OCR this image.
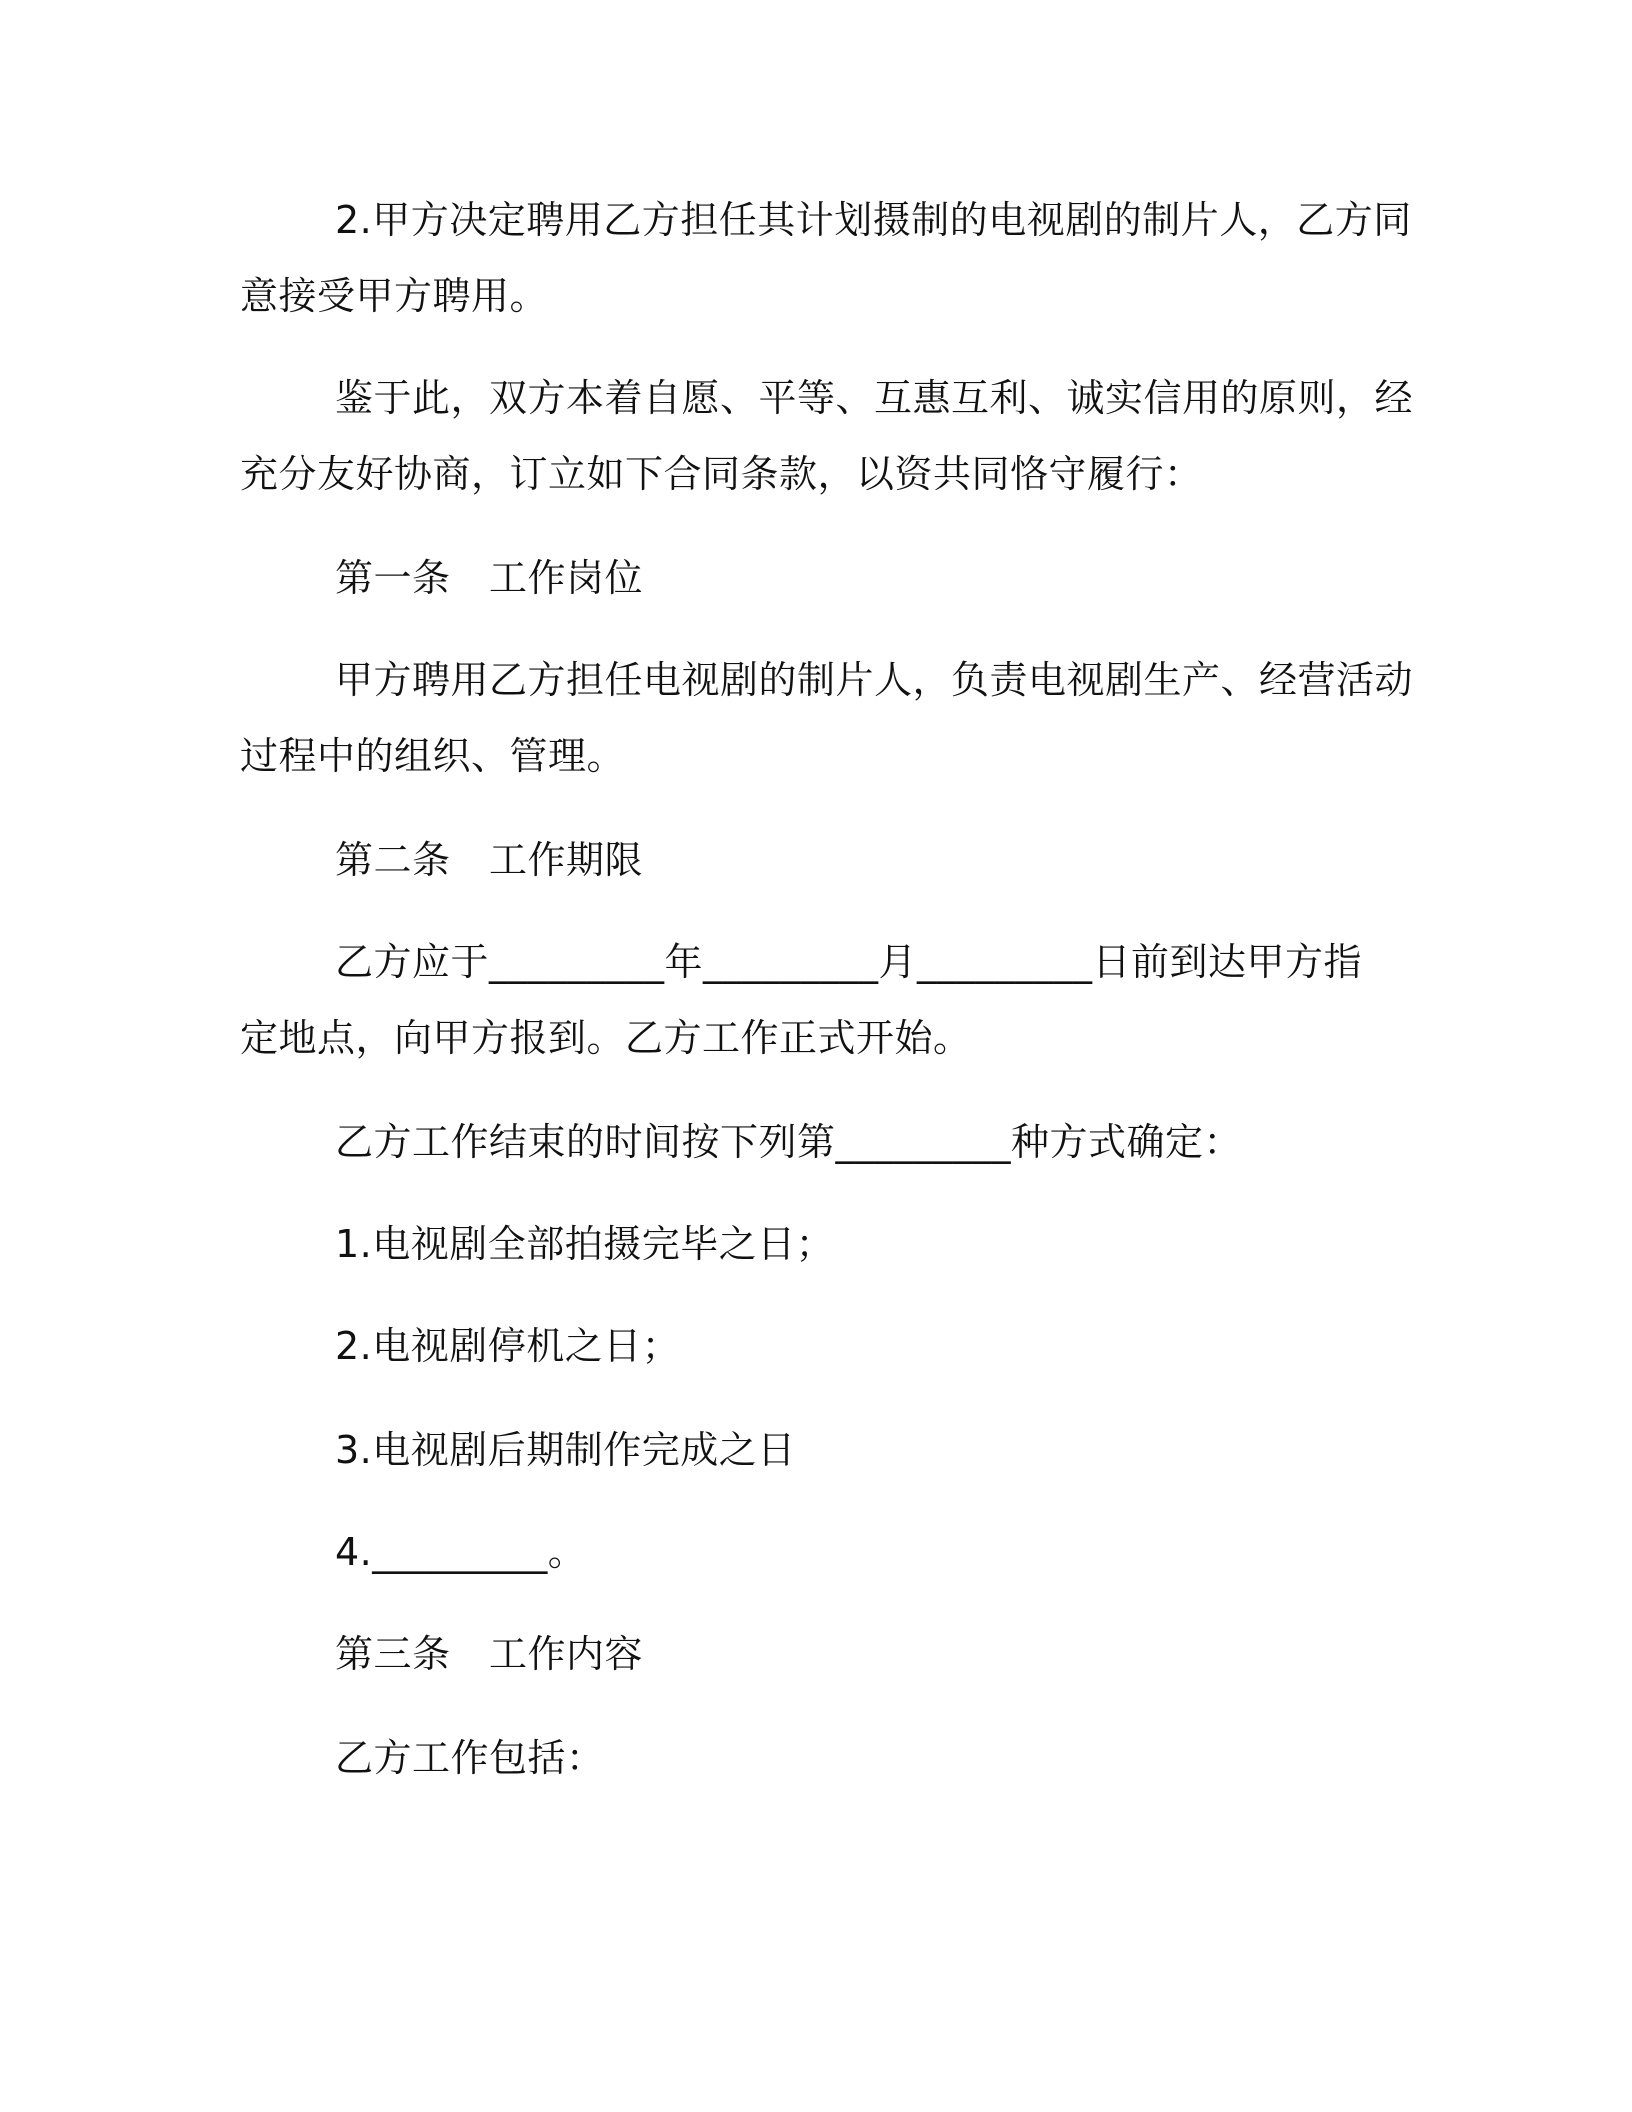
2.甲方决定聘用乙方担任其计划摄制的电视剧的制片人，乙方同
意接受甲方聘用。
鉴于此，双方本着自愿、平等、互惠互利、诚实信用的原则，经
充分友好协商，订立如下合同条款，以资共同恪守履行：
第一条　工作岗位
甲方聘用乙方担任电视剧的制片人，负责电视剧生产、经营活动
过程中的组织、管理。
第二条　工作期限
乙方应于_________年_________月_________日前到达甲方指
定地点，向甲方报到。乙方工作正式开始。
乙方工作结束的时间按下列第_________种方式确定：
1.电视剧全部拍摄完毕之日；
2.电视剧停机之日；
3.电视剧后期制作完成之日
4._________。
第三条　工作内容
乙方工作包括：
